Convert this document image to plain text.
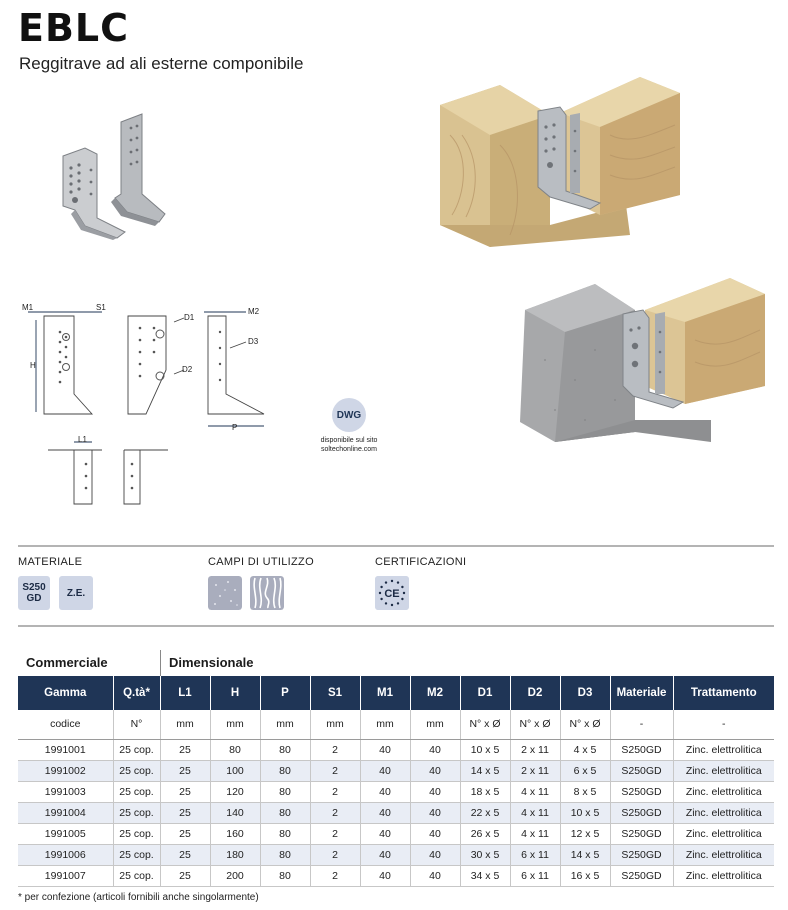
EBLC
Reggitrave ad ali esterne componibile
M1	S1
H
D1
D2
M2
D3
P
L1
DWG
disponibile sul sito
soltechonline.com
MATERIALE
S250
GD	Z.E.
CAMPI DI UTILIZZO	CERTIFICAZIONI
CE
Commerciale	Dimensionale
Gamma	Q.tà*	L1	H	P	S1	M1	M2	D1	D2	D3	Materiale	Trattamento
codice	N°	mm	mm	mm	mm	mm	mm	N° x Ø	N° x Ø	N° x Ø	-	-
1991001	25 cop.	25	80	80	2	40	40	10 x 5	2 x 11	4 x 5	S250GD	Zinc. elettrolitica
1991002	25 cop.	25	100	80	2	40	40	14 x 5	2 x 11	6 x 5	S250GD	Zinc. elettrolitica
1991003	25 cop.	25	120	80	2	40	40	18 x 5	4 x 11	8 x 5	S250GD	Zinc. elettrolitica
1991004	25 cop.	25	140	80	2	40	40	22 x 5	4 x 11	10 x 5	S250GD	Zinc. elettrolitica
1991005	25 cop.	25	160	80	2	40	40	26 x 5	4 x 11	12 x 5	S250GD	Zinc. elettrolitica
1991006	25 cop.	25	180	80	2	40	40	30 x 5	6 x 11	14 x 5	S250GD	Zinc. elettrolitica
1991007	25 cop.	25	200	80	2	40	40	34 x 5	6 x 11	16 x 5	S250GD	Zinc. elettrolitica
* per confezione (articoli fornibili anche singolarmente)
